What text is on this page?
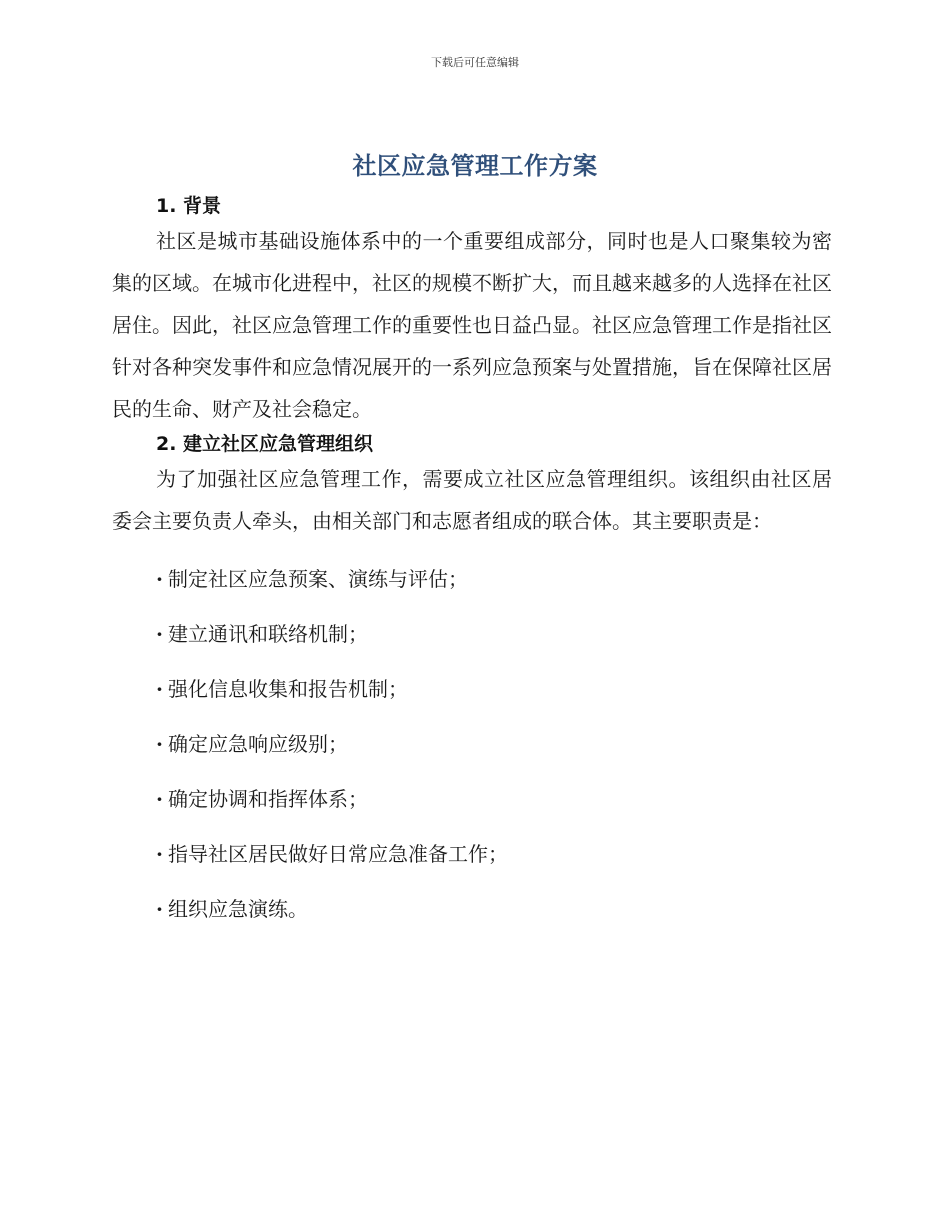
下载后可任意编辑
社区应急管理工作方案
1. 背景

社区是城市基础设施体系中的一个重要组成部分，同时也是人口聚集较为密集的区域。在城市化进程中，社区的规模不断扩大，而且越来越多的人选择在社区居住。因此，社区应急管理工作的重要性也日益凸显。社区应急管理工作是指社区针对各种突发事件和应急情况展开的一系列应急预案与处置措施，旨在保障社区居民的生命、财产及社会稳定。

2. 建立社区应急管理组织

为了加强社区应急管理工作，需要成立社区应急管理组织。该组织由社区居委会主要负责人牵头，由相关部门和志愿者组成的联合体。其主要职责是：

· 制定社区应急预案、演练与评估；
· 建立通讯和联络机制；
· 强化信息收集和报告机制；
· 确定应急响应级别；
· 确定协调和指挥体系；
· 指导社区居民做好日常应急准备工作；
· 组织应急演练。
